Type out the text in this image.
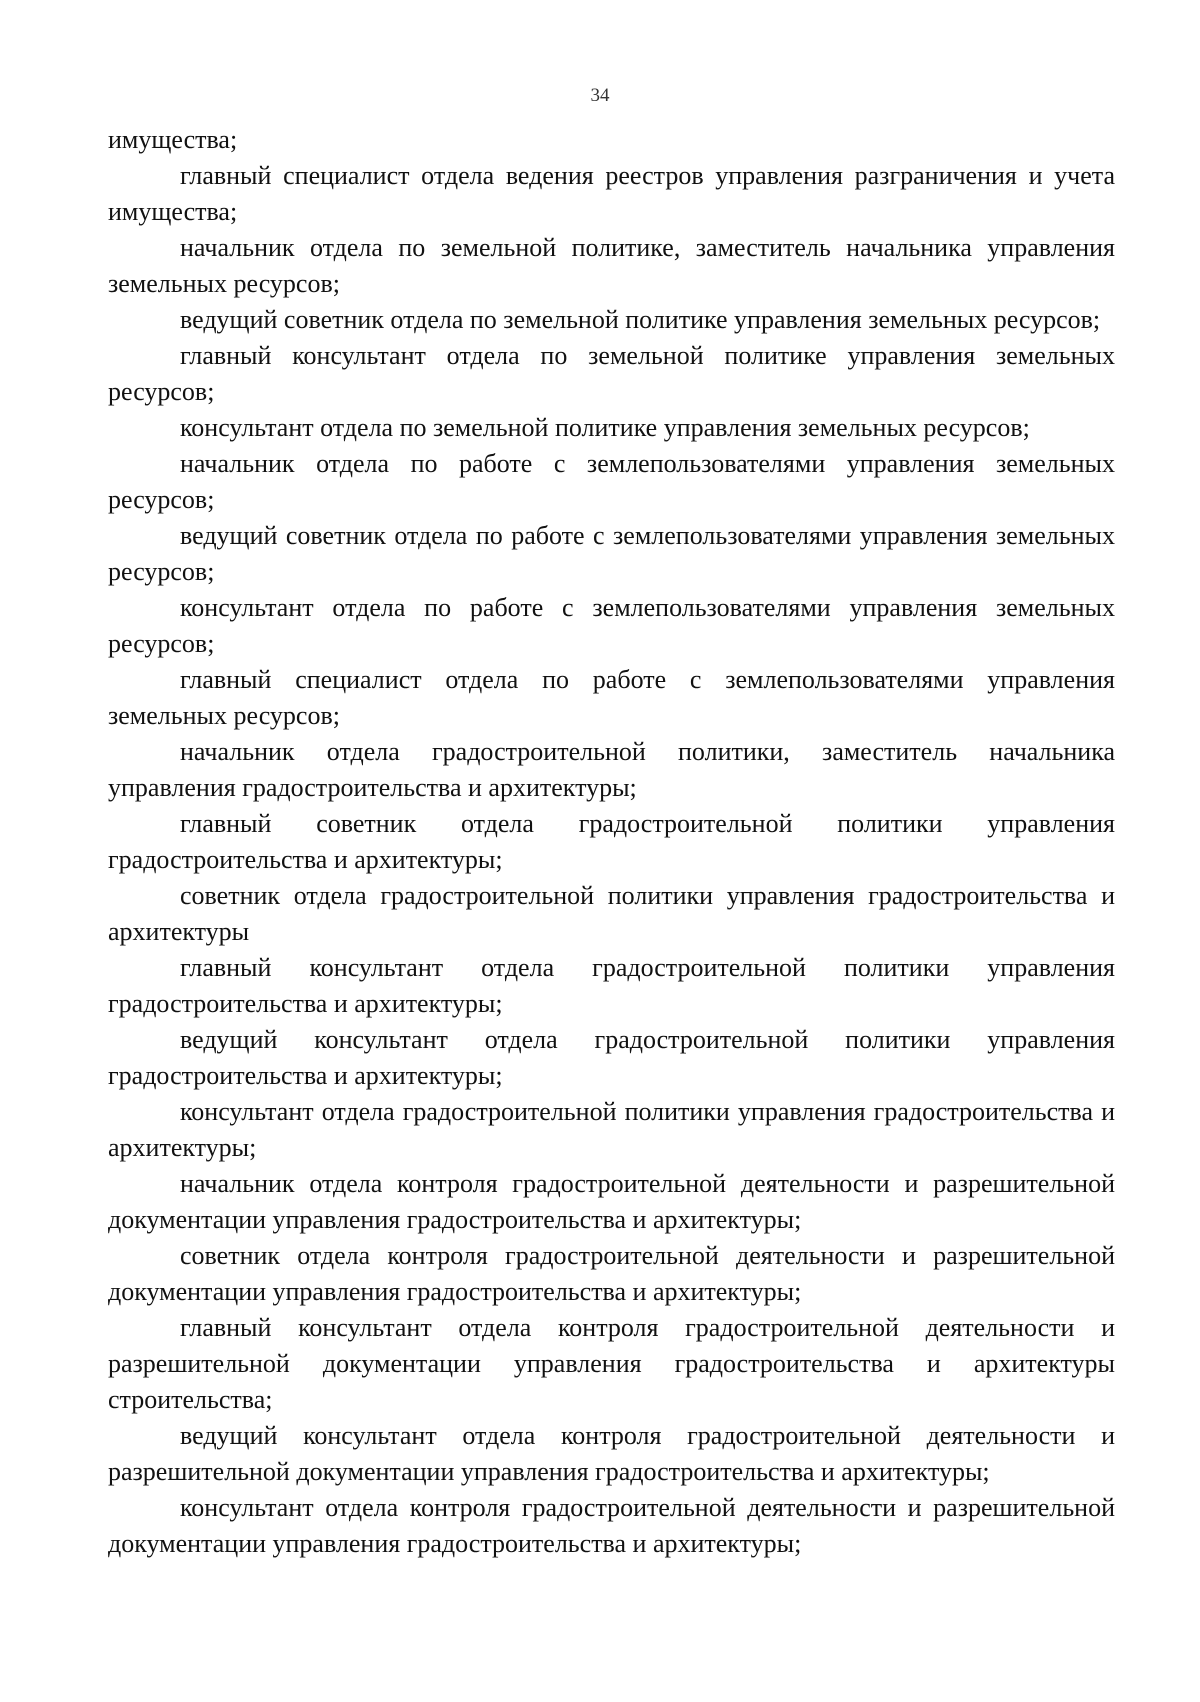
34

имущества;

главный специалист отдела ведения реестров управления разграничения и учета имущества;

начальник отдела по земельной политике, заместитель начальника управления земельных ресурсов;

ведущий советник отдела по земельной политике управления земельных ресурсов;

главный консультант отдела по земельной политике управления земельных ресурсов;

консультант отдела по земельной политике управления земельных ресурсов;

начальник отдела по работе с землепользователями управления земельных ресурсов;

ведущий советник отдела по работе с землепользователями управления земельных ресурсов;

консультант отдела по работе с землепользователями управления земельных ресурсов;

главный специалист отдела по работе с землепользователями управления земельных ресурсов;

начальник отдела градостроительной политики, заместитель начальника управления градостроительства и архитектуры;

главный советник отдела градостроительной политики управления градостроительства и архитектуры;

советник отдела градостроительной политики управления градостроительства и архитектуры

главный консультант отдела градостроительной политики управления градостроительства и архитектуры;

ведущий консультант отдела градостроительной политики управления градостроительства и архитектуры;

консультант отдела градостроительной политики управления градостроительства и архитектуры;

начальник отдела контроля градостроительной деятельности и разрешительной документации управления градостроительства и архитектуры;

советник отдела контроля градостроительной деятельности и разрешительной документации управления градостроительства и архитектуры;

главный консультант отдела контроля градостроительной деятельности и разрешительной документации управления градостроительства и архитектуры строительства;

ведущий консультант отдела контроля градостроительной деятельности и разрешительной документации управления градостроительства и архитектуры;

консультант отдела контроля градостроительной деятельности и разрешительной документации управления градостроительства и архитектуры;
